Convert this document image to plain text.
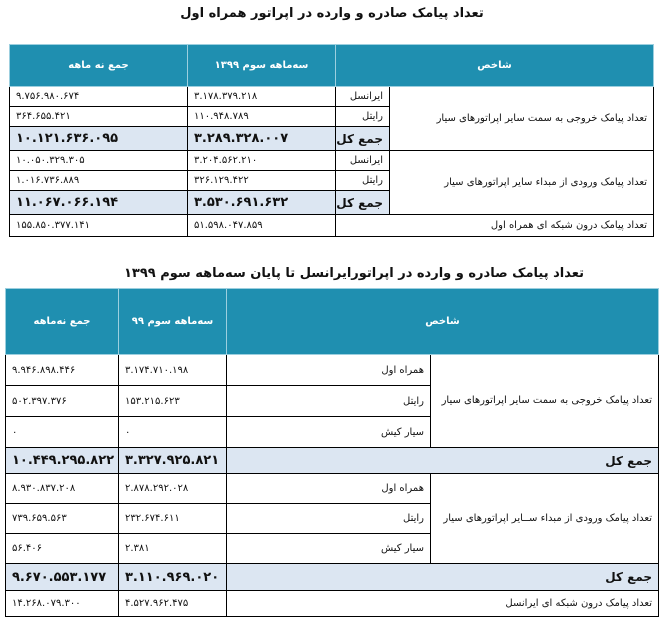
تعداد پیامک صادره و وارده در اپراتور همراه اول
جمع نه ماهه	سه‌ماهه سوم ۱۳۹۹	شاخص	
۹.۷۵۶.۹۸۰.۶۷۴	۳.۱۷۸.۳۷۹.۲۱۸	ایرانسل	تعداد پیامک خروجی به سمت سایر اپراتورهای سیار
۳۶۴.۶۵۵.۴۲۱	۱۱۰.۹۴۸.۷۸۹	رایتل	
۱۰.۱۲۱.۶۳۶.۰۹۵	۳.۲۸۹.۳۲۸.۰۰۷	جمع کل	
۱۰.۰۵۰.۳۲۹.۳۰۵	۳.۲۰۴.۵۶۲.۲۱۰	ایرانسل	تعداد پیامک ورودی از مبداء سایر اپراتورهای سیار
۱.۰۱۶.۷۳۶.۸۸۹	۳۲۶.۱۲۹.۴۲۲	رایتل	
۱۱.۰۶۷.۰۶۶.۱۹۴	۳.۵۳۰.۶۹۱.۶۳۲	جمع کل	
۱۵۵.۸۵۰.۳۷۷.۱۴۱	۵۱.۵۹۸.۰۴۷.۸۵۹	تعداد پیامک درون شبکه ای همراه اول	
تعداد پیامک صادره و وارده در اپراتورایرانسل تا پایان سه‌ماهه سوم ۱۳۹۹
جمع نه‌ماهه	سه‌ماهه سوم ۹۹	شاخص	
۹.۹۴۶.۸۹۸.۴۴۶	۳.۱۷۴.۷۱۰.۱۹۸	همراه اول	تعداد پیامک خروجی به سمت سایر اپراتورهای سیار
۵۰۲.۳۹۷.۳۷۶	۱۵۳.۲۱۵.۶۲۳	رایتل	
۰	۰	سیار کیش	
۱۰.۴۴۹.۲۹۵.۸۲۲	۳.۳۲۷.۹۲۵.۸۲۱	جمع کل	
۸.۹۳۰.۸۳۷.۲۰۸	۲.۸۷۸.۲۹۲.۰۲۸	همراه اول	تعداد پیامک ورودی از مبداء ســایر اپراتورهای سیار
۷۳۹.۶۵۹.۵۶۳	۲۳۲.۶۷۴.۶۱۱	رایتل	
۵۶.۴۰۶	۲.۳۸۱	سیار کیش	
۹.۶۷۰.۵۵۳.۱۷۷	۳.۱۱۰.۹۶۹.۰۲۰	جمع کل	
۱۴.۲۶۸.۰۷۹.۳۰۰	۴.۵۲۷.۹۶۲.۴۷۵	تعداد پیامک درون شبکه ای ایرانسل	
